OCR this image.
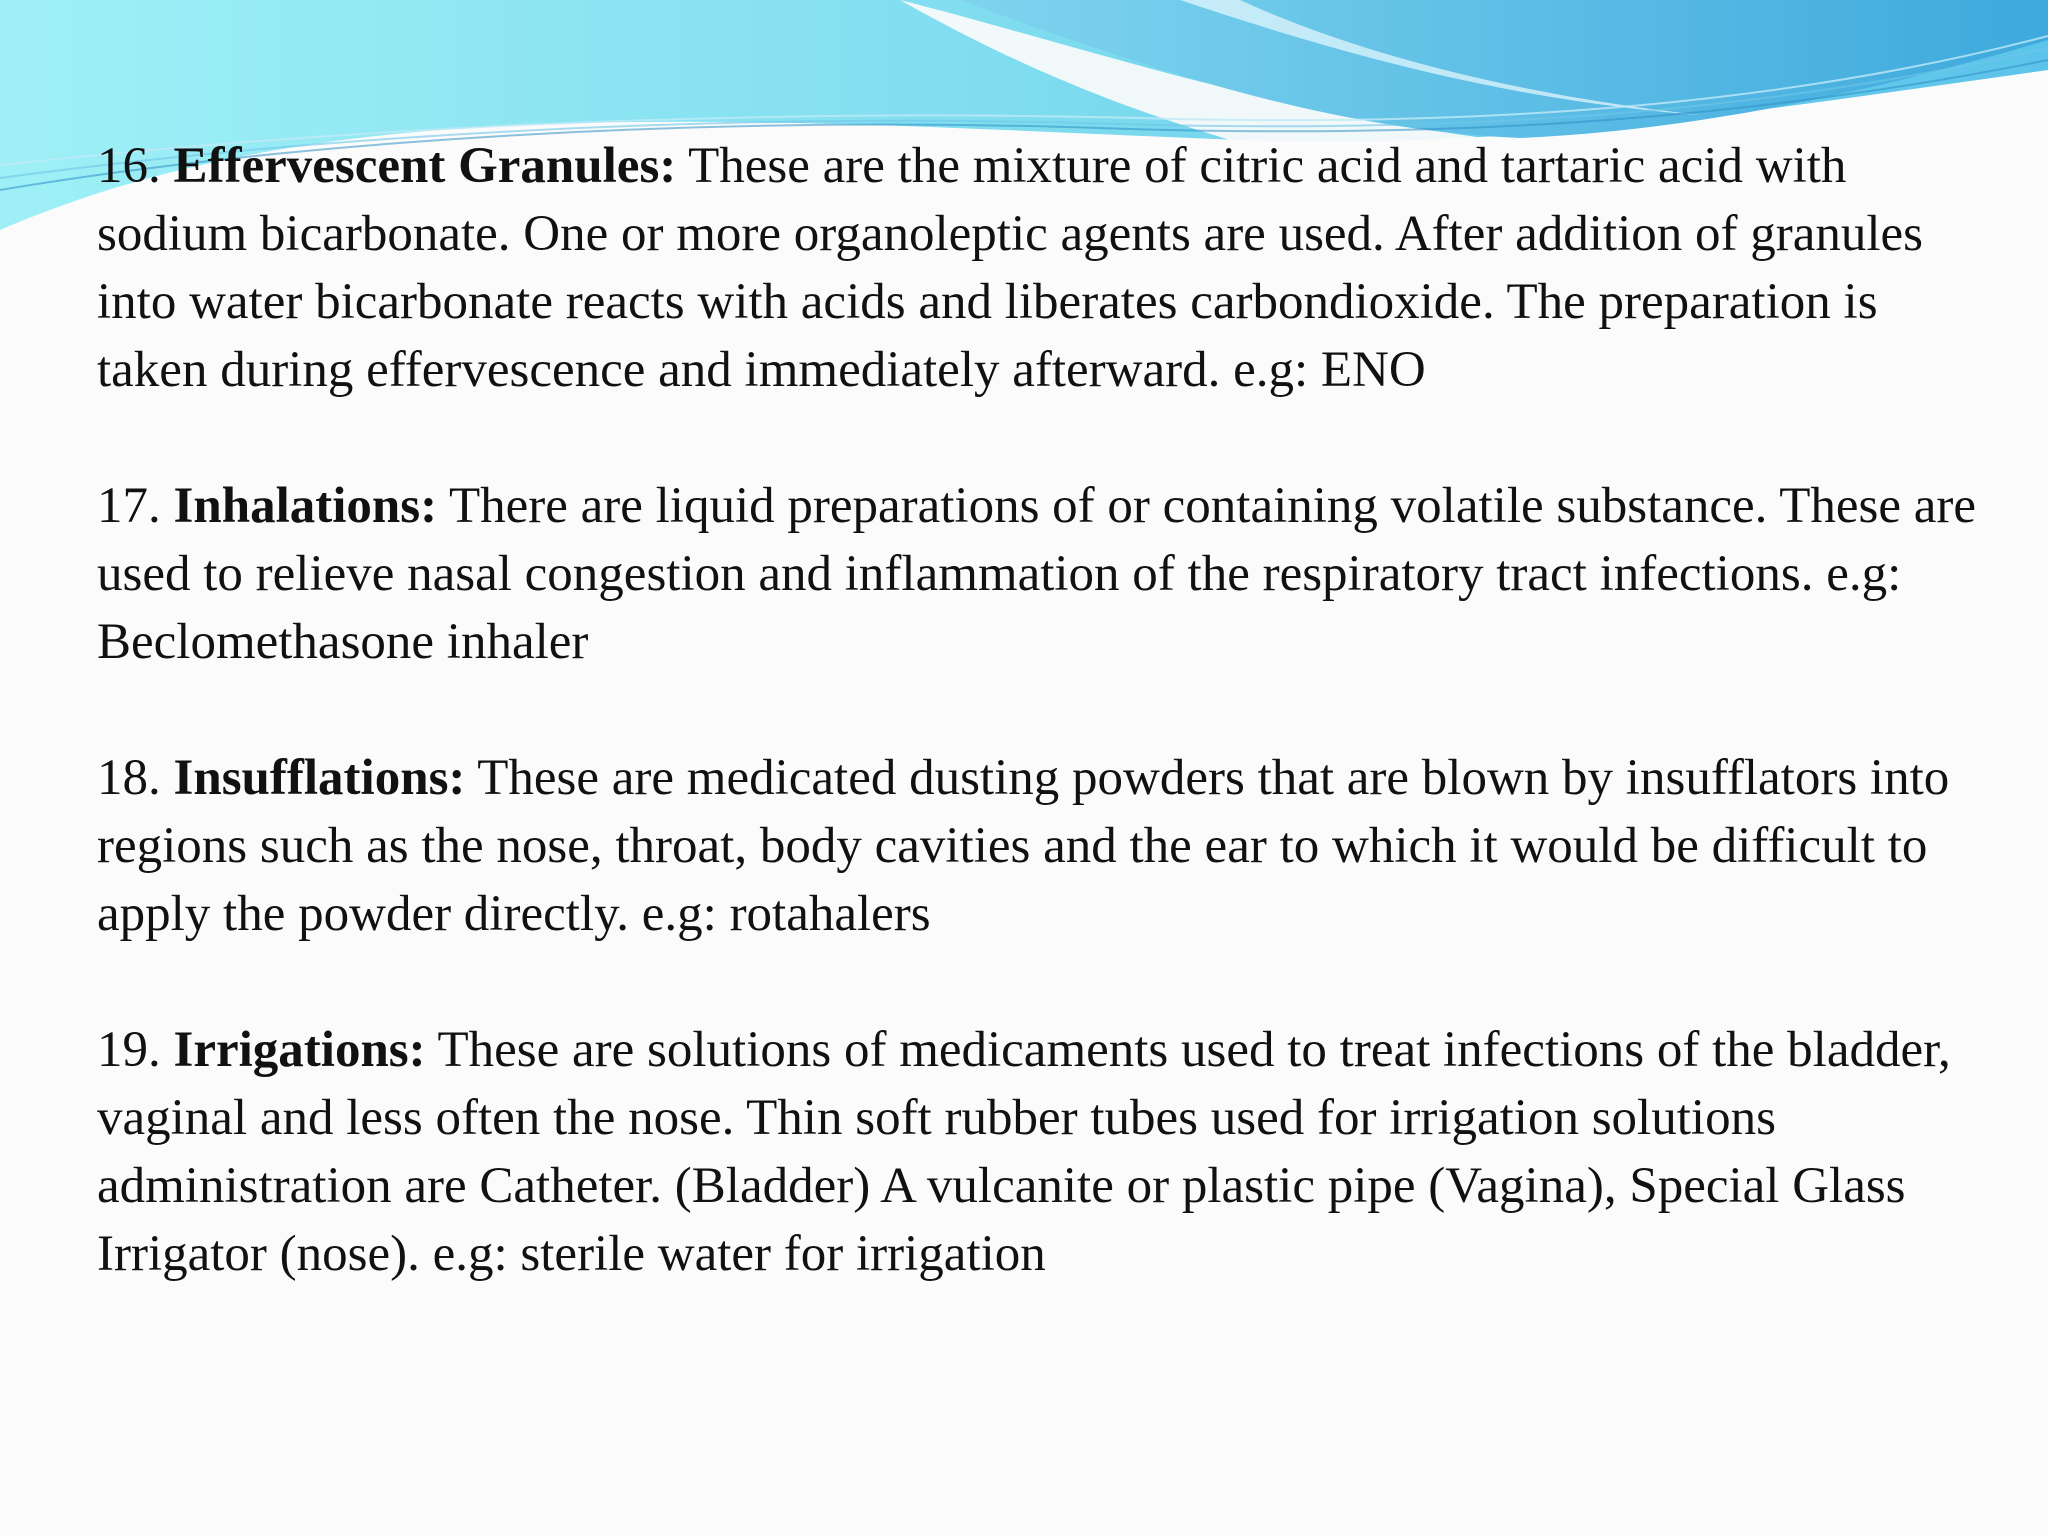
16. Effervescent Granules: These are the mixture of citric acid and tartaric acid with sodium bicarbonate. One or more organoleptic agents are used. After addition of granules into water bicarbonate reacts with acids and liberates carbondioxide. The preparation is taken during effervescence and immediately afterward. e.g: ENO

17. Inhalations: There are liquid preparations of or containing volatile substance. These are used to relieve nasal congestion and inflammation of the respiratory tract infections. e.g: Beclomethasone inhaler

18. Insufflations: These are medicated dusting powders that are blown by insufflators into regions such as the nose, throat, body cavities and the ear to which it would be difficult to apply the powder directly. e.g: rotahalers

19. Irrigations: These are solutions of medicaments used to treat infections of the bladder, vaginal and less often the nose. Thin soft rubber tubes used for irrigation solutions administration are Catheter. (Bladder) A vulcanite or plastic pipe (Vagina), Special Glass Irrigator (nose). e.g: sterile water for irrigation
